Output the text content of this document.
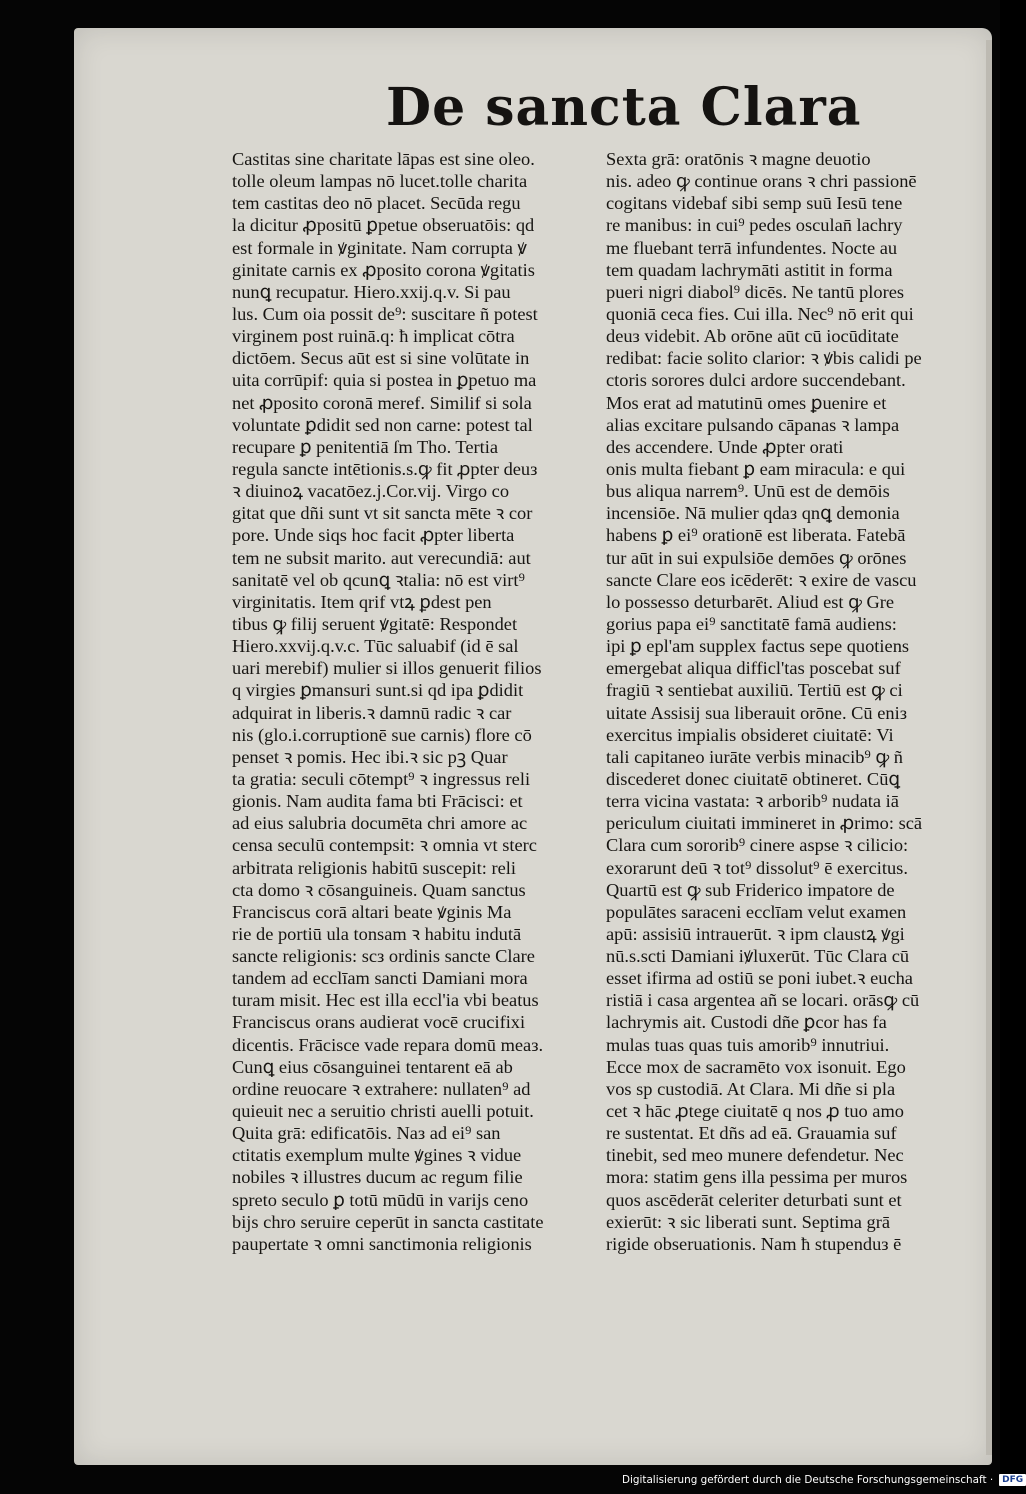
De sancta Clara
Castitas sine charitate lāpas est sine oleo.
tolle oleum lampas nō lucet.tolle charita
tem castitas deo nō placet. Secūda regu
la dicitur ꝓpositū ꝑpetue obseruatōis: qd
est formale in ꝟginitate. Nam corrupta ꝟ
ginitate carnis ex ꝓposito corona ꝟgitatis
nunꝗ recupatur. Hiero.xxij.q.v. Si pau
lus. Cum oia possit de⁹: suscitare ñ potest
virginem post ruinā.q: ħ implicat cōtra
dictōem. Secus aūt est si sine volūtate in
uita corrūpif: quia si postea in ꝑpetuo ma
net ꝓposito coronā meref. Similif si sola
voluntate ꝑdidit sed non carne: potest tal
recupare ꝑ penitentiā ſm Tho. Tertia
regula sancte intētionis.s.ꝙ fit ꝓpter deuз
ꝛ diuinoꝝ vacatōez.j.Cor.vij. Virgo co
gitat que dñi sunt vt sit sancta mēte ꝛ cor
pore. Unde siqs hoc facit ꝓpter liberta
tem ne subsit marito. aut verecundiā: aut
sanitatē vel ob qcunꝗ ꝛtalia: nō est virt⁹
virginitatis. Item qrif vtꝝ ꝑdest pen
tibus ꝙ filij seruent ꝟgitatē: Respondet
Hiero.xxvij.q.v.c. Tūc saluabif (id ē sal
uari merebif) mulier si illos genuerit filios
q virgies ꝑmansuri sunt.si qd ipa ꝑdidit
adquirat in liberis.ꝛ damnū radic ꝛ car
nis (glo.i.corruptionē sue carnis) flore cō
penset ꝛ pomis. Hec ibi.ꝛ sic pꝫ Quar
ta gratia: seculi cōtempt⁹ ꝛ ingressus reli
gionis. Nam audita fama bti Frācisci: et
ad eius salubria documēta chri amore ac
censa seculū contempsit: ꝛ omnia vt sterc
arbitrata religionis habitū suscepit: reli
cta domo ꝛ cōsanguineis. Quam sanctus
Franciscus corā altari beate ꝟginis Ma
rie de portiū ula tonsam ꝛ habitu indutā
sancte religionis: scз ordinis sancte Clare
tandem ad ecclīam sancti Damiani mora
turam misit. Hec est illa eccl'ia vbi beatus
Franciscus orans audierat vocē crucifixi
dicentis. Frācisce vade repara domū meaз.
Cunꝗ eius cōsanguinei tentarent eā ab
ordine reuocare ꝛ extrahere: nullaten⁹ ad
quieuit nec a seruitio christi auelli potuit.
Quita grā: edificatōis. Naз ad ei⁹ san
ctitatis exemplum multe ꝟgines ꝛ vidue
nobiles ꝛ illustres ducum ac regum filie
spreto seculo ꝑ totū mūdū in varijs ceno
bijs chro seruire ceperūt in sancta castitate
paupertate ꝛ omni sanctimonia religionis
Sexta grā: oratōnis ꝛ magne deuotio
nis. adeo ꝙ continue orans ꝛ chri passionē
cogitans videbaf sibi semp suū Iesū tene
re manibus: in cui⁹ pedes osculan̄ lachry
me fluebant terrā infundentes. Nocte au
tem quadam lachrymāti astitit in forma
pueri nigri diabol⁹ dicēs. Ne tantū plores
quoniā ceca fies. Cui illa. Nec⁹ nō erit qui
deuз videbit. Ab orōne aūt cū iocūditate
redibat: facie solito clarior: ꝛ ꝟbis calidi pe
ctoris sorores dulci ardore succendebant.
Mos erat ad matutinū omes ꝑuenire et
alias excitare pulsando cāpanas ꝛ lampa
des accendere. Unde ꝓpter orati
onis multa fiebant ꝑ eam miracula: e qui
bus aliqua narrem⁹. Unū est de demōis
incensiōe. Nā mulier qdaз qnꝗ demonia
habens ꝑ ei⁹ orationē est liberata. Fatebā
tur aūt in sui expulsiōe demōes ꝙ orōnes
sancte Clare eos icēderēt: ꝛ exire de vascu
lo possesso deturbarēt. Aliud est ꝙ Gre
gorius papa ei⁹ sanctitatē famā audiens:
ipi ꝑ epl'am supplex factus sepe quotiens
emergebat aliqua difficl'tas poscebat suf
fragiū ꝛ sentiebat auxiliū. Tertiū est ꝙ ci
uitate Assisij sua liberauit orōne. Cū eniз
exercitus impialis obsideret ciuitatē: Vi
tali capitaneo iurāte verbis minacib⁹ ꝙ ñ
discederet donec ciuitatē obtineret. Cūꝗ
terra vicina vastata: ꝛ arborib⁹ nudata iā
periculum ciuitati immineret in ꝓrimo: scā
Clara cum sororib⁹ cinere aspse ꝛ cilicio:
exorarunt deū ꝛ tot⁹ dissolut⁹ ē exercitus.
Quartū est ꝙ sub Friderico impatore de
populātes saraceni ecclīam velut examen
apū: assisiū intrauerūt. ꝛ ipm claustꝝ ꝟgi
nū.s.scti Damiani iꝟluxerūt. Tūc Clara cū
esset ifirma ad ostiū se poni iubet.ꝛ eucha
ristiā i casa argentea añ se locari. orāsꝙ cū
lachrymis ait. Custodi dñe ꝑcor has fa
mulas tuas quas tuis amorib⁹ innutriui.
Ecce mox de sacramēto vox isonuit. Ego
vos sp custodiā. At Clara. Mi dñe si pla
cet ꝛ hāc ꝓtege ciuitatē q nos ꝓ tuo amo
re sustentat. Et dñs ad eā. Grauamia suf
tinebit, sed meo munere defendetur. Nec
mora: statim gens illa pessima per muros
quos ascēderāt celeriter deturbati sunt et
exierūt: ꝛ sic liberati sunt. Septima grā
rigide obseruationis. Nam ħ stupenduз ē
Digitalisierung gefördert durch die Deutsche Forschungsgemeinschaft ·	DFG
